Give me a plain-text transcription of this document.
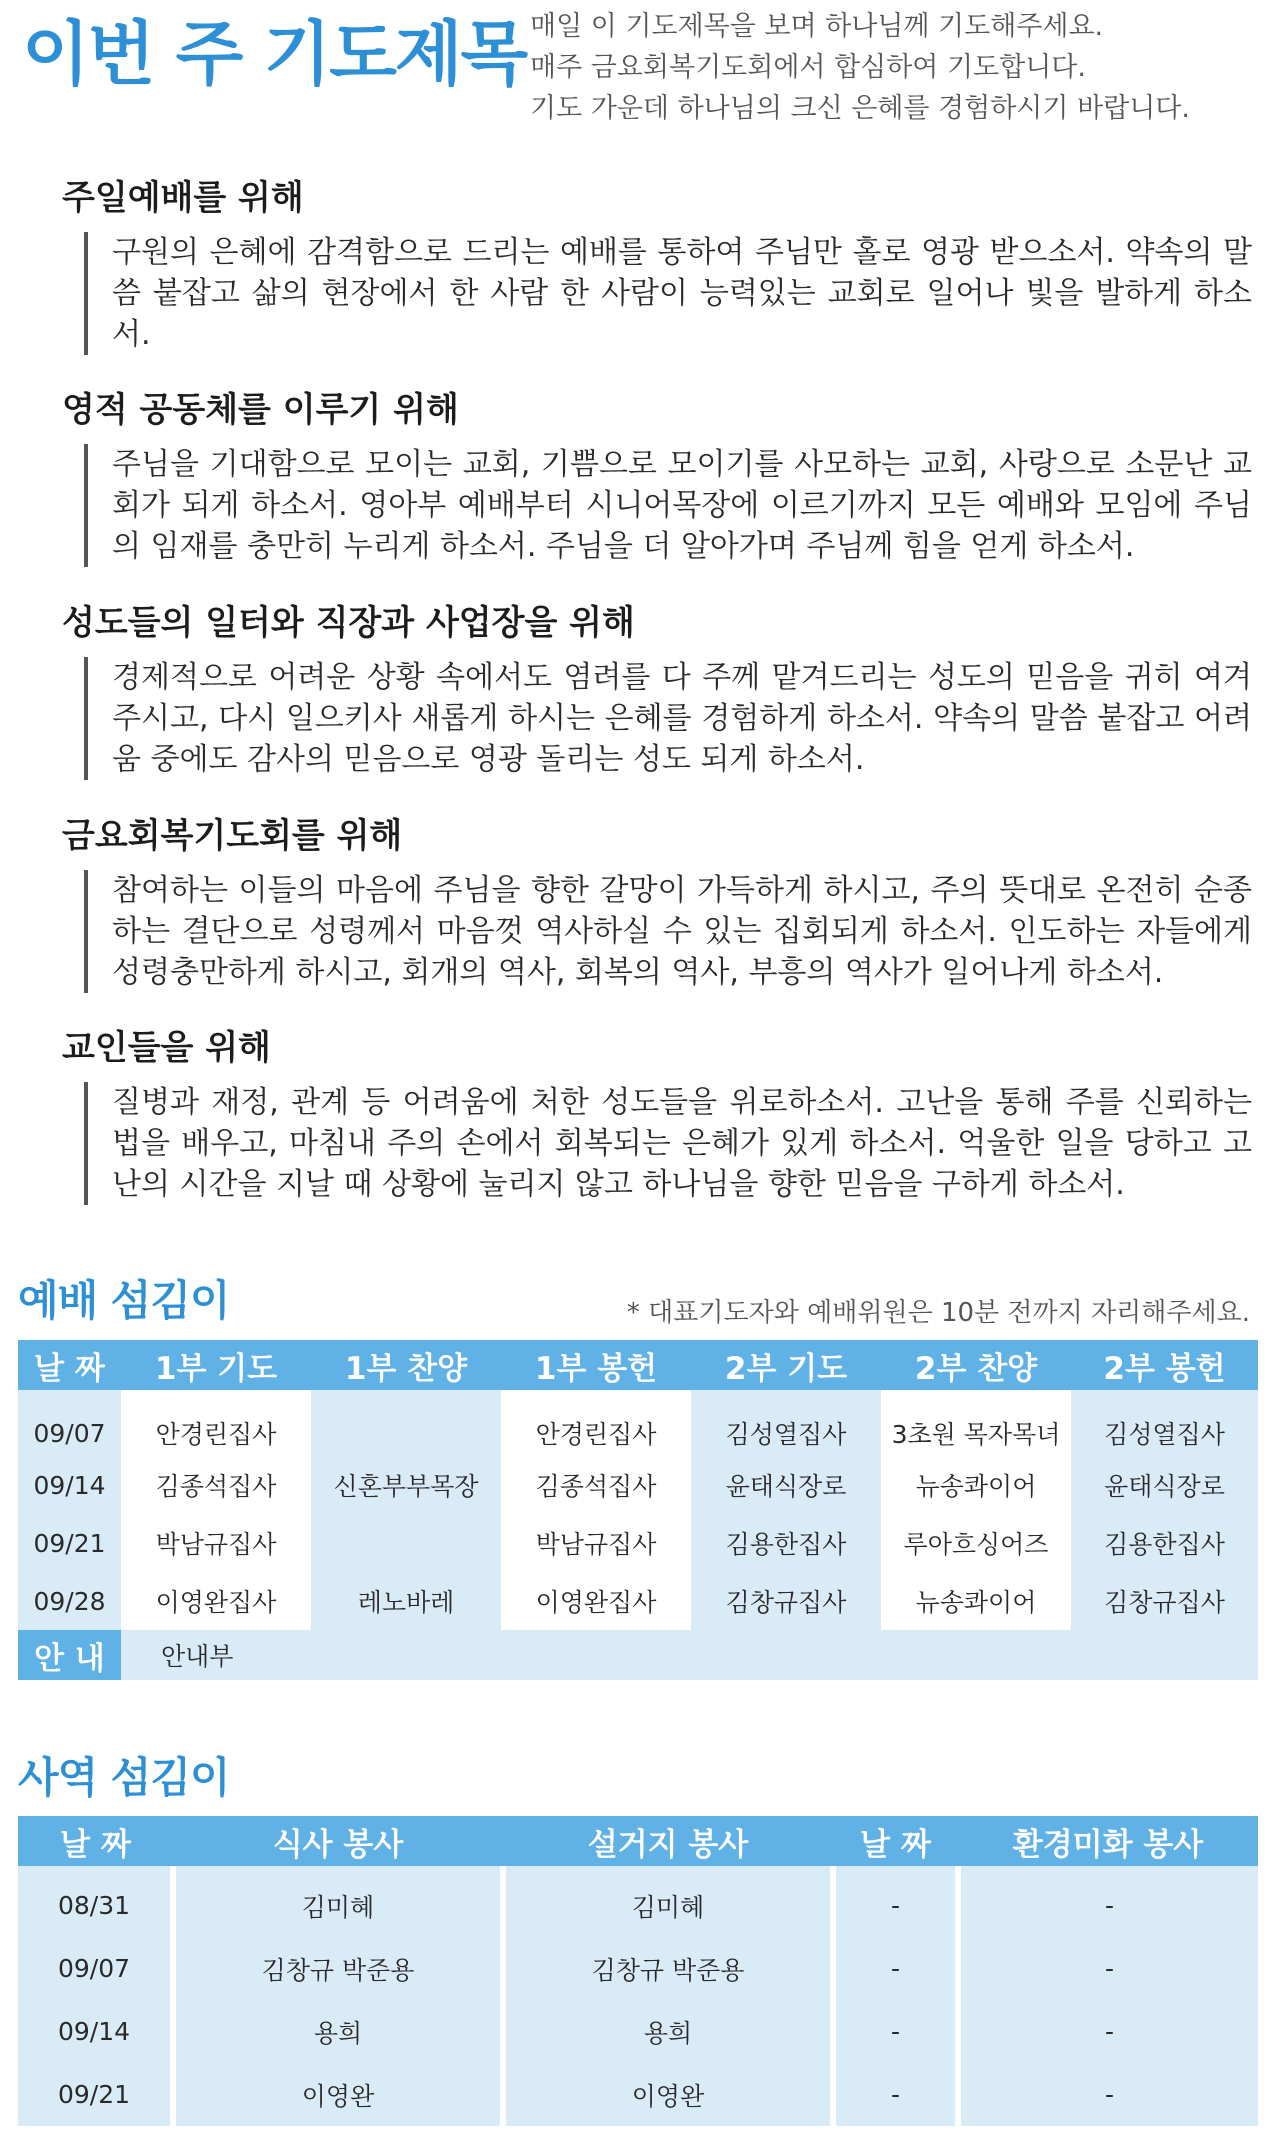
이번 주 기도제목 매일 이 기도제목을 보며 하나님께 기도해주세요.
매주 금요회복기도회에서 합심하여 기도합니다.
기도 가운데 하나님의 크신 은혜를 경험하시기 바랍니다.
주일예배를 위해
구원의 은혜에 감격함으로 드리는 예배를 통하여 주님만 홀로 영광 받으소서. 약속의 말씀 붙잡고 삶의 현장에서 한 사람 한 사람이 능력있는 교회로 일어나 빛을 발하게 하소서.
영적 공동체를 이루기 위해
주님을 기대함으로 모이는 교회, 기쁨으로 모이기를 사모하는 교회, 사랑으로 소문난 교회가 되게 하소서. 영아부 예배부터 시니어목장에 이르기까지 모든 예배와 모임에 주님의 임재를 충만히 누리게 하소서. 주님을 더 알아가며 주님께 힘을 얻게 하소서.
성도들의 일터와 직장과 사업장을 위해
경제적으로 어려운 상황 속에서도 염려를 다 주께 맡겨드리는 성도의 믿음을 귀히 여겨주시고, 다시 일으키사 새롭게 하시는 은혜를 경험하게 하소서. 약속의 말씀 붙잡고 어려움 중에도 감사의 믿음으로 영광 돌리는 성도 되게 하소서.
금요회복기도회를 위해
참여하는 이들의 마음에 주님을 향한 갈망이 가득하게 하시고, 주의 뜻대로 온전히 순종하는 결단으로 성령께서 마음껏 역사하실 수 있는 집회되게 하소서. 인도하는 자들에게 성령충만하게 하시고, 회개의 역사, 회복의 역사, 부흥의 역사가 일어나게 하소서.
교인들을 위해
질병과 재정, 관계 등 어려움에 처한 성도들을 위로하소서. 고난을 통해 주를 신뢰하는 법을 배우고, 마침내 주의 손에서 회복되는 은혜가 있게 하소서. 억울한 일을 당하고 고난의 시간을 지날 때 상황에 눌리지 않고 하나님을 향한 믿음을 구하게 하소서.
예배 섬김이	* 대표기도자와 예배위원은 10분 전까지 자리해주세요.
날 짜	1부 기도	1부 찬양	1부 봉헌	2부 기도	2부 찬양	2부 봉헌
09/07	안경린집사		안경린집사	김성열집사	3초원 목자목녀	김성열집사
09/14	김종석집사	신혼부부목장	김종석집사	윤태식장로	뉴송콰이어	윤태식장로
09/21	박남규집사		박남규집사	김용한집사	루아흐싱어즈	김용한집사
09/28	이영완집사	레노바레	이영완집사	김창규집사	뉴송콰이어	김창규집사
안 내	안내부					
사역 섬김이
날 짜	식사 봉사	설거지 봉사	날 짜	환경미화 봉사
08/31	김미혜	김미혜	-	-
09/07	김창규 박준용	김창규 박준용	-	-
09/14	용희	용희	-	-
09/21	이영완	이영완	-	-
